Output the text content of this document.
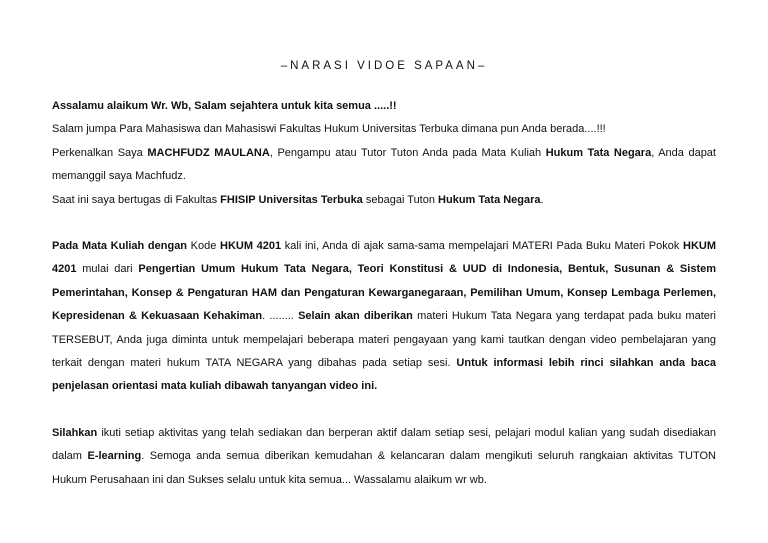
–NARASI VIDOE SAPAAN–

Assalamu alaikum Wr. Wb, Salam sejahtera untuk kita semua .....!!

Salam jumpa Para Mahasiswa dan Mahasiswi Fakultas Hukum Universitas Terbuka dimana pun Anda berada....!!!

Perkenalkan Saya MACHFUDZ MAULANA, Pengampu atau Tutor Tuton Anda pada Mata Kuliah Hukum Tata Negara, Anda dapat memanggil saya Machfudz.

Saat ini saya bertugas di Fakultas FHISIP Universitas Terbuka sebagai Tuton Hukum Tata Negara.

Pada Mata Kuliah dengan Kode HKUM 4201 kali ini, Anda di ajak sama-sama mempelajari MATERI Pada Buku Materi Pokok HKUM 4201 mulai dari Pengertian Umum Hukum Tata Negara, Teori Konstitusi & UUD di Indonesia, Bentuk, Susunan & Sistem Pemerintahan, Konsep & Pengaturan HAM dan Pengaturan Kewarganegaraan, Pemilihan Umum, Konsep Lembaga Perlemen, Kepresidenan & Kekuasaan Kehakiman. ........ Selain akan diberikan materi Hukum Tata Negara yang terdapat pada buku materi TERSEBUT, Anda juga diminta untuk mempelajari beberapa materi pengayaan yang kami tautkan dengan video pembelajaran yang terkait dengan materi hukum TATA NEGARA yang dibahas pada setiap sesi. Untuk informasi lebih rinci silahkan anda baca penjelasan orientasi mata kuliah dibawah tanyangan video ini.

Silahkan ikuti setiap aktivitas yang telah sediakan dan berperan aktif dalam setiap sesi, pelajari modul kalian yang sudah disediakan dalam E-learning. Semoga anda semua diberikan kemudahan & kelancaran dalam mengikuti seluruh rangkaian aktivitas TUTON Hukum Perusahaan ini dan Sukses selalu untuk kita semua... Wassalamu alaikum wr wb.
